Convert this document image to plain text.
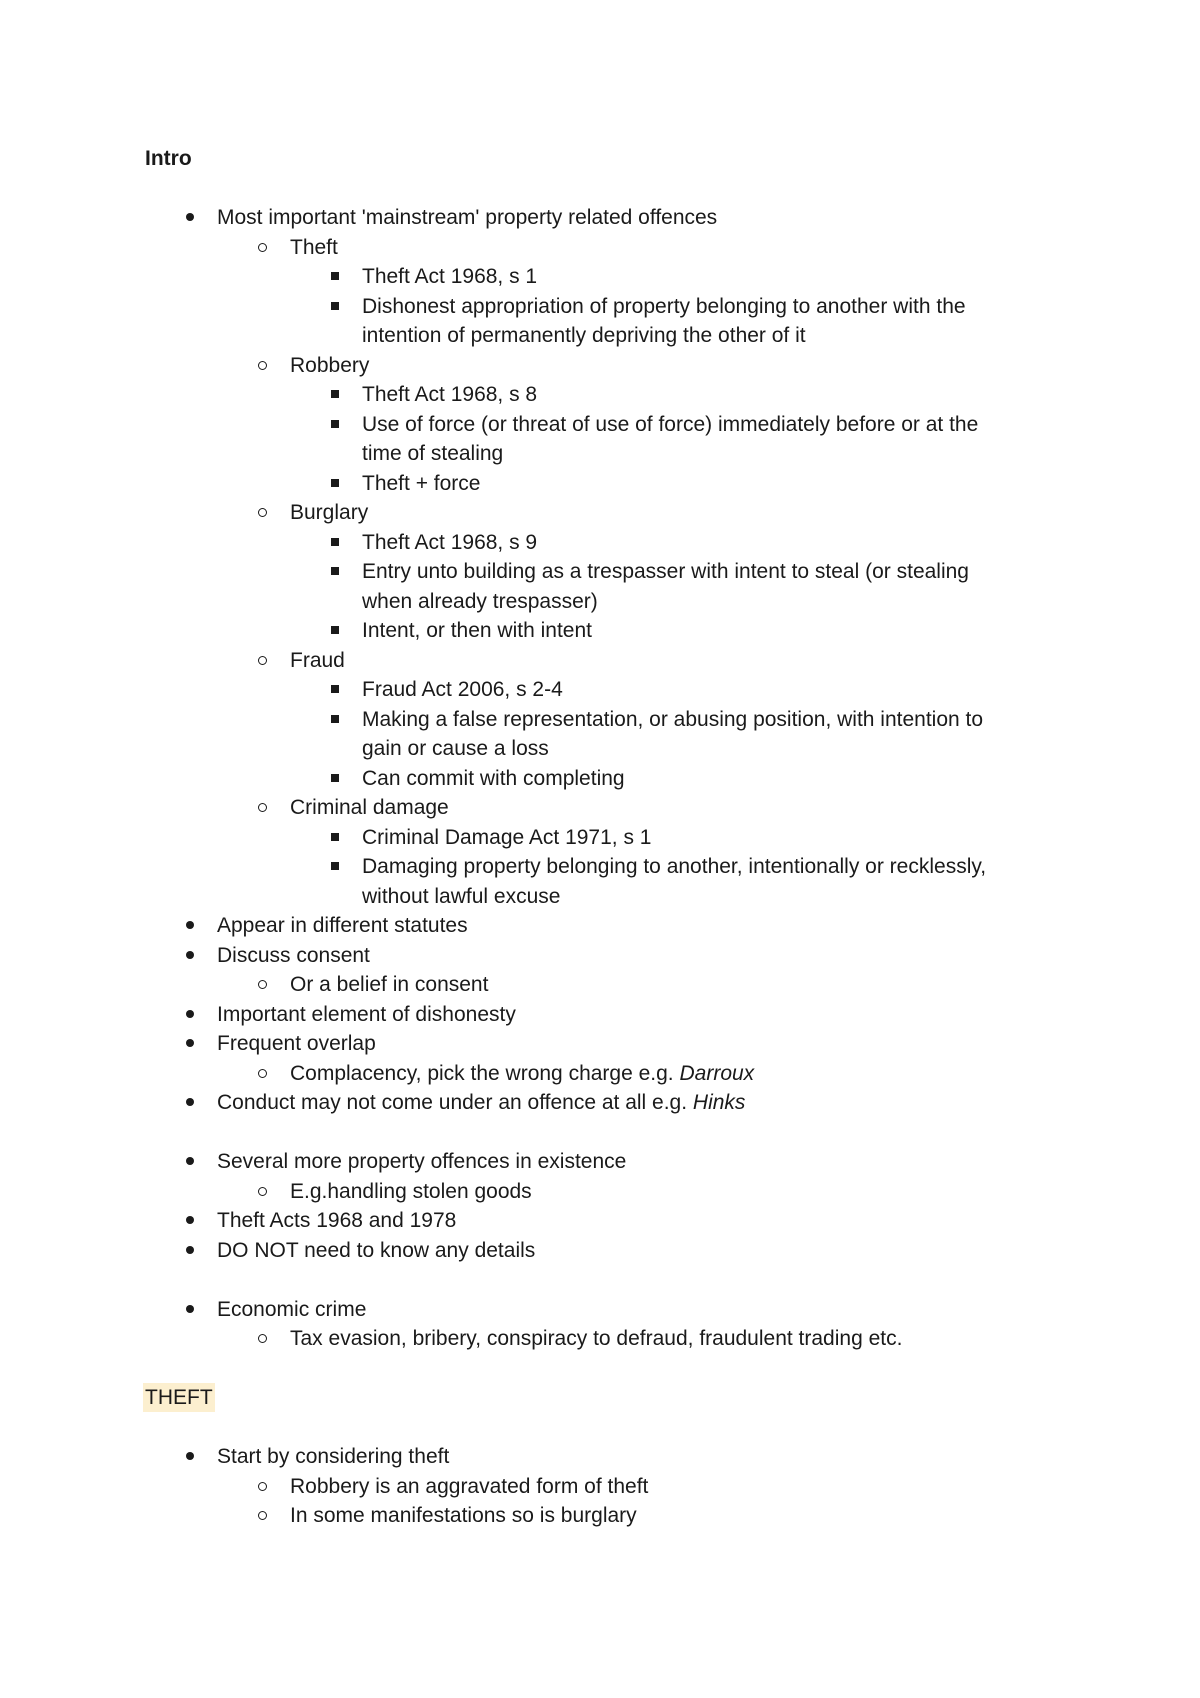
Intro
Most important 'mainstream' property related offences
Theft
Theft Act 1968, s 1
Dishonest appropriation of property belonging to another with the
intention of permanently depriving the other of it
Robbery
Theft Act 1968, s 8
Use of force (or threat of use of force) immediately before or at the
time of stealing
Theft + force
Burglary
Theft Act 1968, s 9
Entry unto building as a trespasser with intent to steal (or stealing
when already trespasser)
Intent, or then with intent
Fraud
Fraud Act 2006, s 2-4
Making a false representation, or abusing position, with intention to
gain or cause a loss
Can commit with completing
Criminal damage
Criminal Damage Act 1971, s 1
Damaging property belonging to another, intentionally or recklessly,
without lawful excuse
Appear in different statutes
Discuss consent
Or a belief in consent
Important element of dishonesty
Frequent overlap
Complacency, pick the wrong charge e.g. Darroux
Conduct may not come under an offence at all e.g. Hinks
Several more property offences in existence
E.g.handling stolen goods
Theft Acts 1968 and 1978
DO NOT need to know any details
Economic crime
Tax evasion, bribery, conspiracy to defraud, fraudulent trading etc.
THEFT
Start by considering theft
Robbery is an aggravated form of theft
In some manifestations so is burglary
